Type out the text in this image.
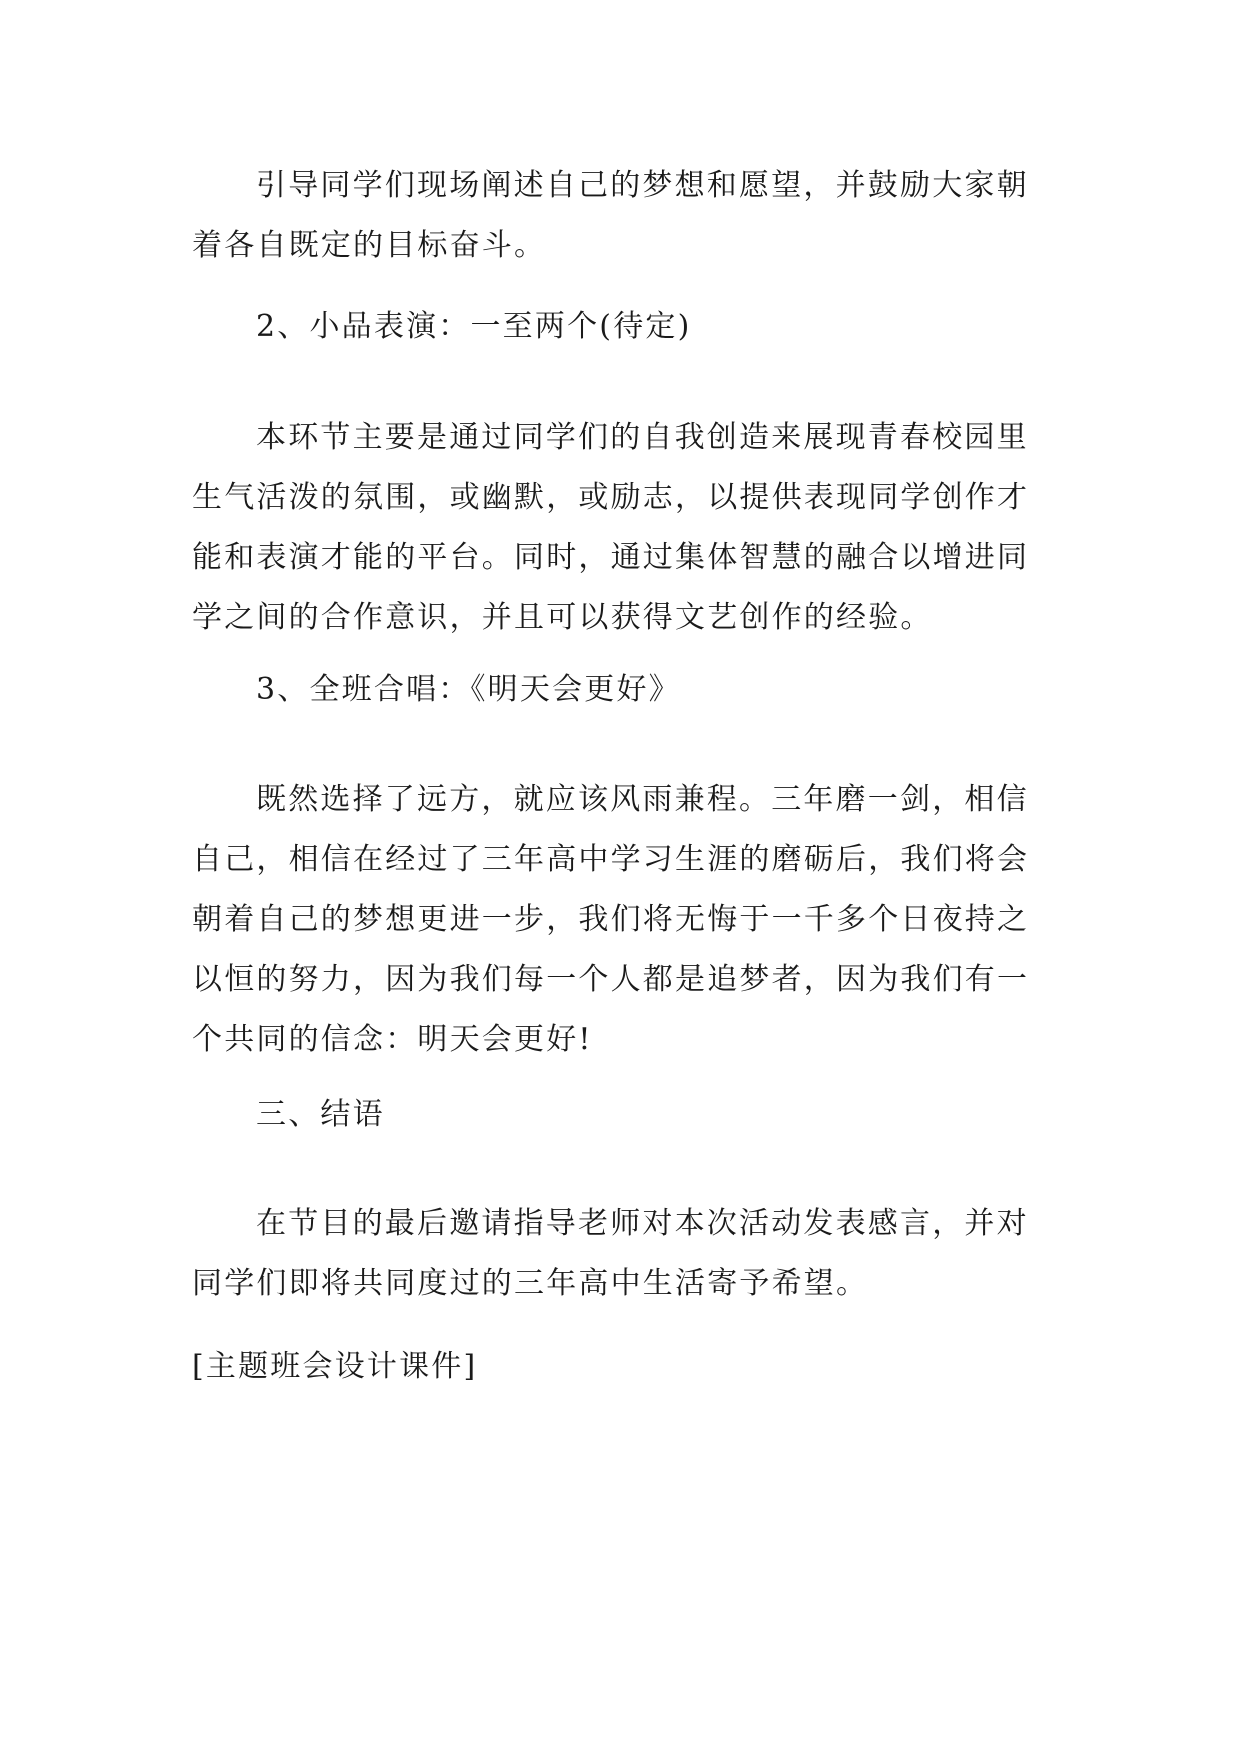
引导同学们现场阐述自己的梦想和愿望，并鼓励大家朝着各自既定的目标奋斗。

2、小品表演：一至两个(待定)

本环节主要是通过同学们的自我创造来展现青春校园里生气活泼的氛围，或幽默，或励志，以提供表现同学创作才能和表演才能的平台。同时，通过集体智慧的融合以增进同学之间的合作意识，并且可以获得文艺创作的经验。

3、全班合唱：《明天会更好》

既然选择了远方，就应该风雨兼程。三年磨一剑，相信自己，相信在经过了三年高中学习生涯的磨砺后，我们将会朝着自己的梦想更进一步，我们将无悔于一千多个日夜持之以恒的努力，因为我们每一个人都是追梦者，因为我们有一个共同的信念：明天会更好!

三、结语

在节目的最后邀请指导老师对本次活动发表感言，并对同学们即将共同度过的三年高中生活寄予希望。

[主题班会设计课件]
